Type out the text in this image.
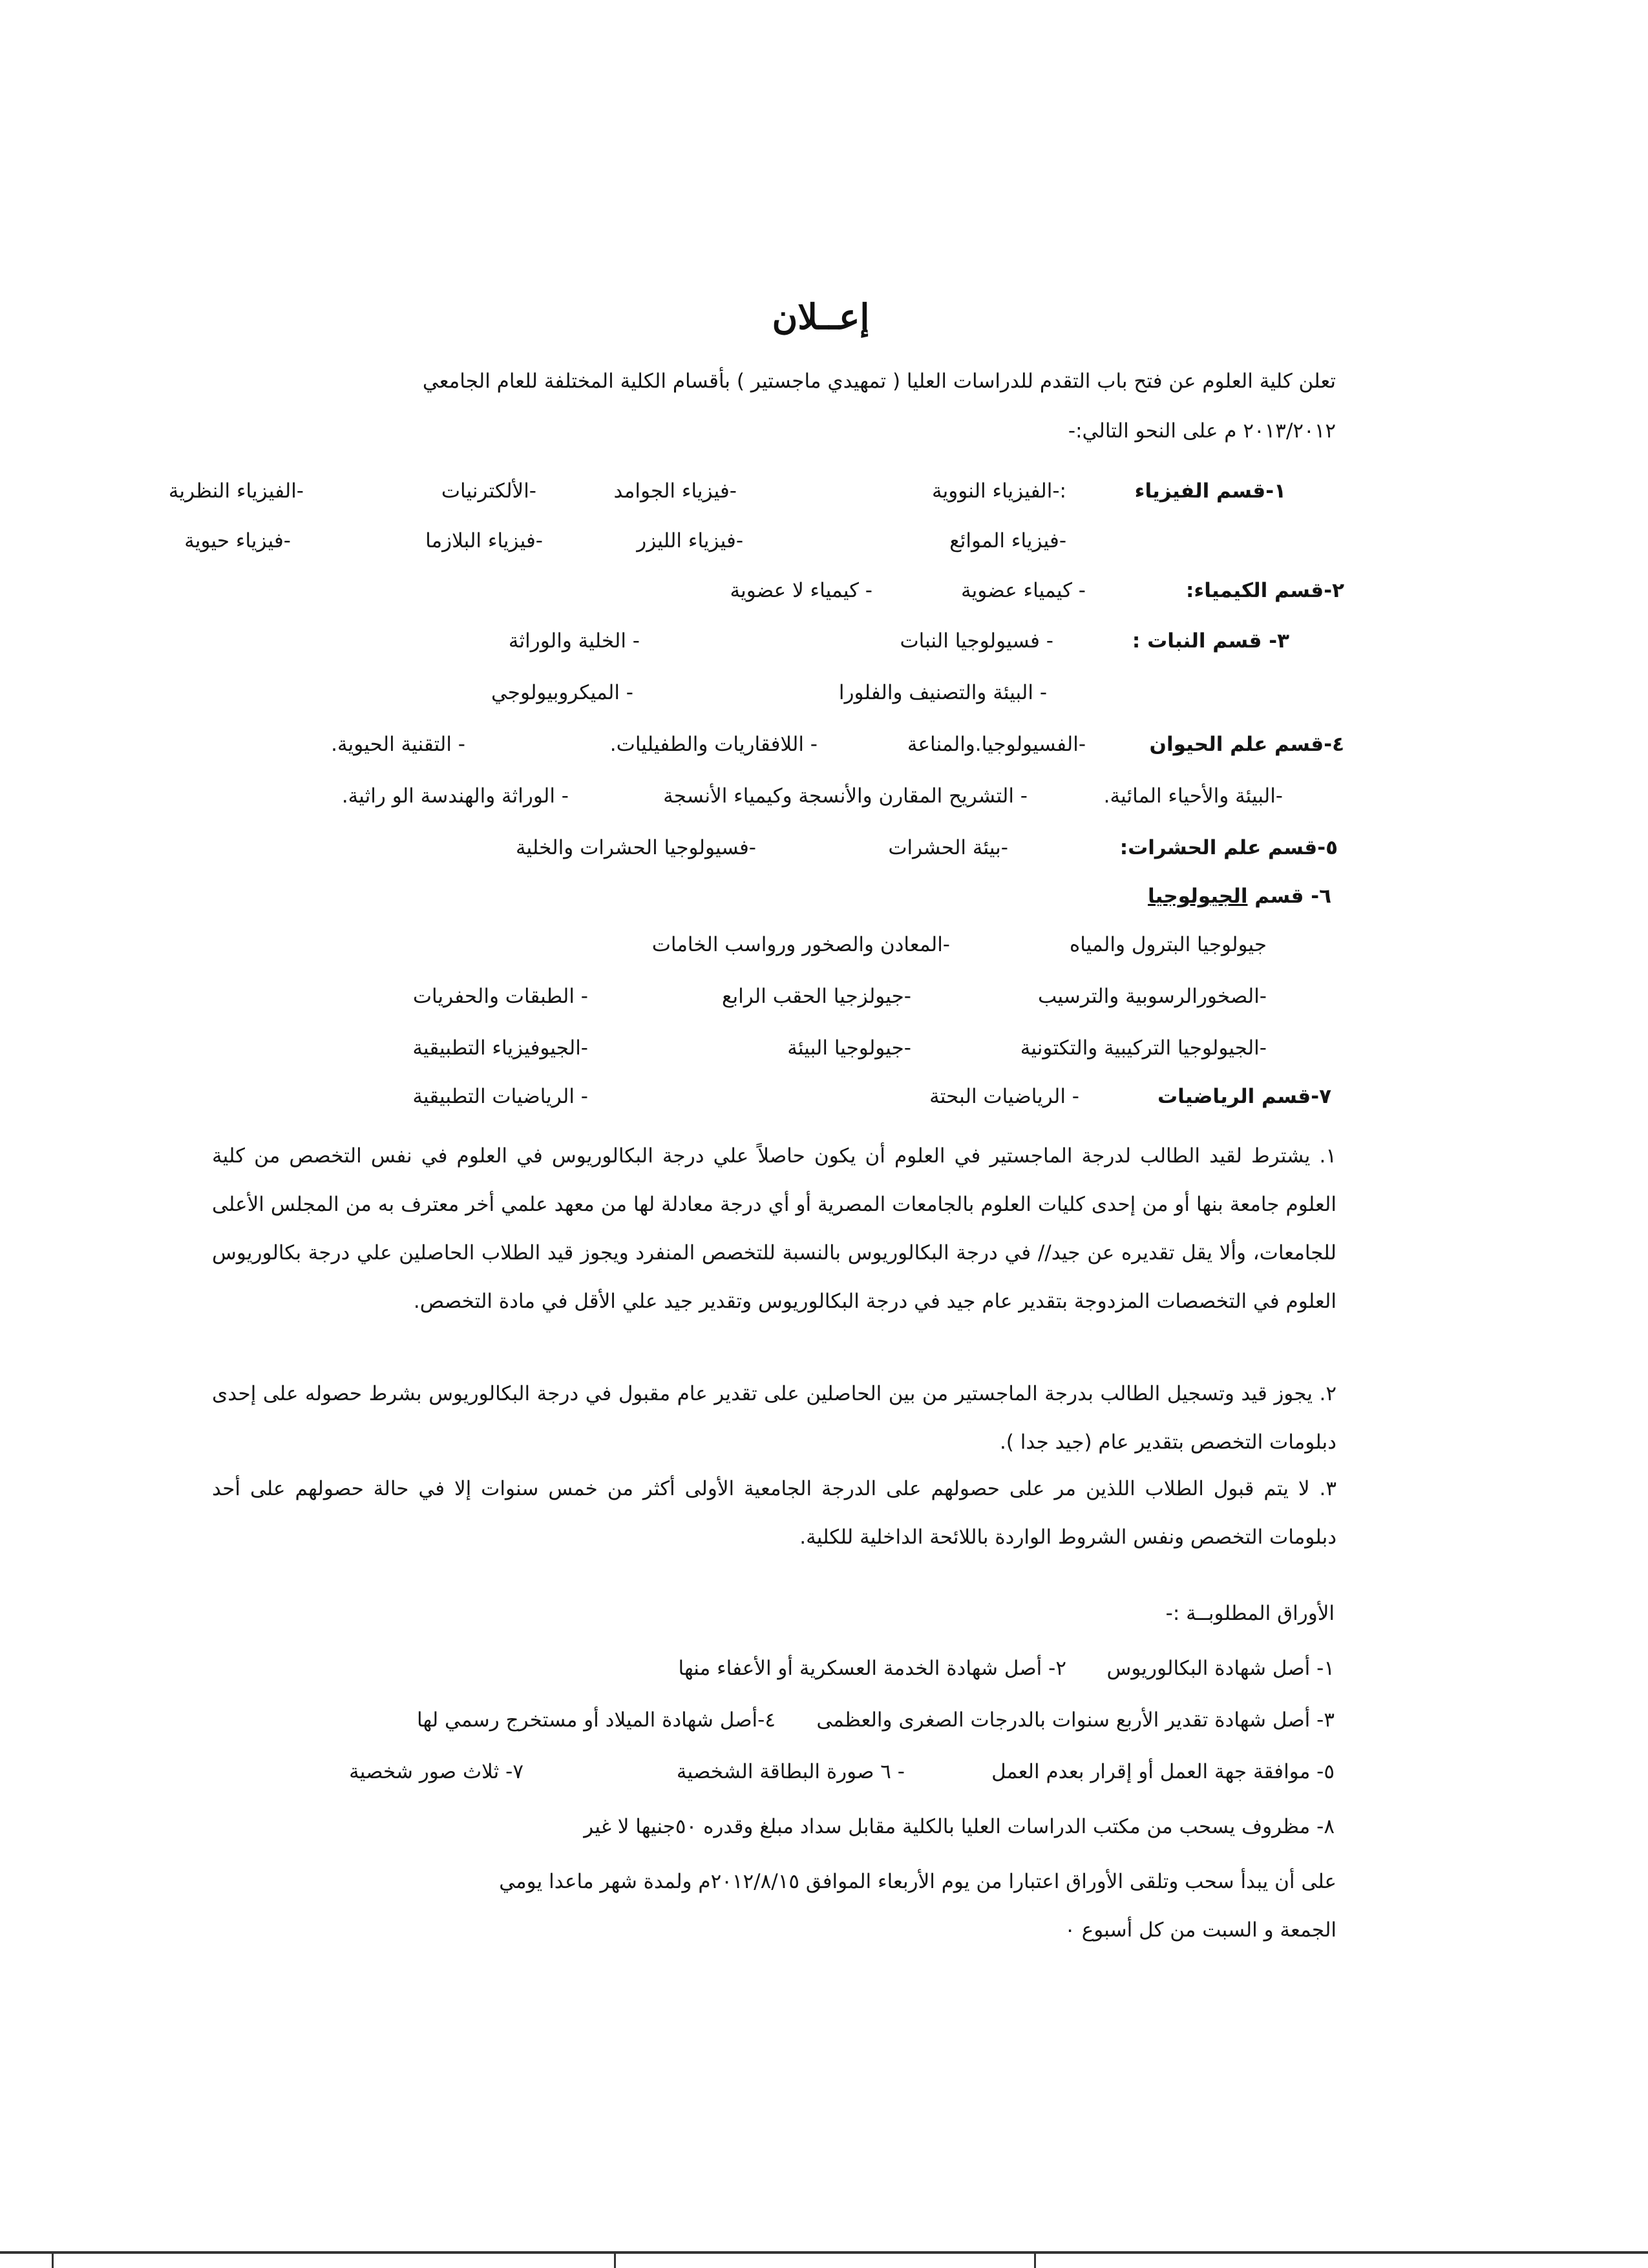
إعــلان
تعلن كلية العلوم عن فتح باب التقدم للدراسات العليا ( تمهيدي ماجستير ) بأقسام الكلية المختلفة للعام الجامعي
٢٠١٣/٢٠١٢ م على النحو التالي:-
١-قسم الفيزياء
:-الفيزياء النووية
-فيزياء الجوامد
-الألكترنيات
-الفيزياء النظرية
-فيزياء الموائع
-فيزياء الليزر
-فيزياء البلازما
-فيزياء حيوية
٢-قسم الكيمياء:
- كيمياء عضوية
- كيمياء لا عضوية
٣- قسم النبات :
- فسيولوجيا النبات
- الخلية والوراثة
- البيئة والتصنيف والفلورا
- الميكروبيولوجي
٤-قسم علم الحيوان
-الفسيولوجيا.والمناعة
- اللافقاريات والطفيليات.
- التقنية الحيوية.
-البيئة والأحياء المائية.
- التشريح المقارن والأنسجة وكيمياء الأنسجة
- الوراثة والهندسة الو راثية.
٥-قسم علم الحشرات:
-بيئة الحشرات
-فسيولوجيا الحشرات والخلية
٦- قسم الجيولوجيا
جيولوجيا البترول والمياه
-المعادن والصخور ورواسب الخامات
-الصخورالرسوبية والترسيب
-جيولزجيا الحقب الرابع
- الطبقات والحفريات
-الجيولوجيا التركيبية والتكتونية
-جيولوجيا البيئة
-الجيوفيزياء التطبيقية
٧-قسم الرياضيات
- الرياضيات البحتة
- الرياضيات التطبيقية
١. يشترط لقيد الطالب لدرجة الماجستير في العلوم أن يكون حاصلاً علي درجة البكالوريوس في العلوم في نفس التخصص من كلية العلوم جامعة بنها أو من إحدى كليات العلوم بالجامعات المصرية أو أي درجة معادلة لها من معهد علمي أخر معترف به من المجلس الأعلى للجامعات، وألا يقل تقديره عن جيد// في درجة البكالوريوس بالنسبة للتخصص المنفرد ويجوز قيد الطلاب الحاصلين علي درجة بكالوريوس العلوم في التخصصات المزدوجة بتقدير عام جيد في درجة البكالوريوس وتقدير جيد علي الأقل في مادة التخصص.
٢. يجوز قيد وتسجيل الطالب بدرجة الماجستير من بين الحاصلين على تقدير عام مقبول في درجة البكالوريوس بشرط حصوله على إحدى دبلومات التخصص بتقدير عام (جيد جدا ).
٣. لا يتم قبول الطلاب اللذين مر على حصولهم على الدرجة الجامعية الأولى أكثر من خمس سنوات إلا في حالة حصولهم على أحد دبلومات التخصص ونفس الشروط الواردة باللائحة الداخلية للكلية.
الأوراق المطلوبــة :-
١- أصل شهادة البكالوريوس
٢- أصل شهادة الخدمة العسكرية أو الأعفاء منها
٣- أصل شهادة تقدير الأربع سنوات بالدرجات الصغرى والعظمى
٤-أصل شهادة الميلاد أو مستخرج رسمي لها
٥- موافقة جهة العمل أو إقرار بعدم العمل
- ٦ صورة البطاقة الشخصية
٧- ثلاث صور شخصية
٨- مظروف يسحب من مكتب الدراسات العليا بالكلية مقابل سداد مبلغ وقدره ٥٠جنيها لا غير
على أن يبدأ سحب وتلقى الأوراق اعتبارا من يوم الأربعاء الموافق ٢٠١٢/٨/١٥م ولمدة شهر ماعدا يومي
الجمعة و السبت من كل أسبوع ٠
